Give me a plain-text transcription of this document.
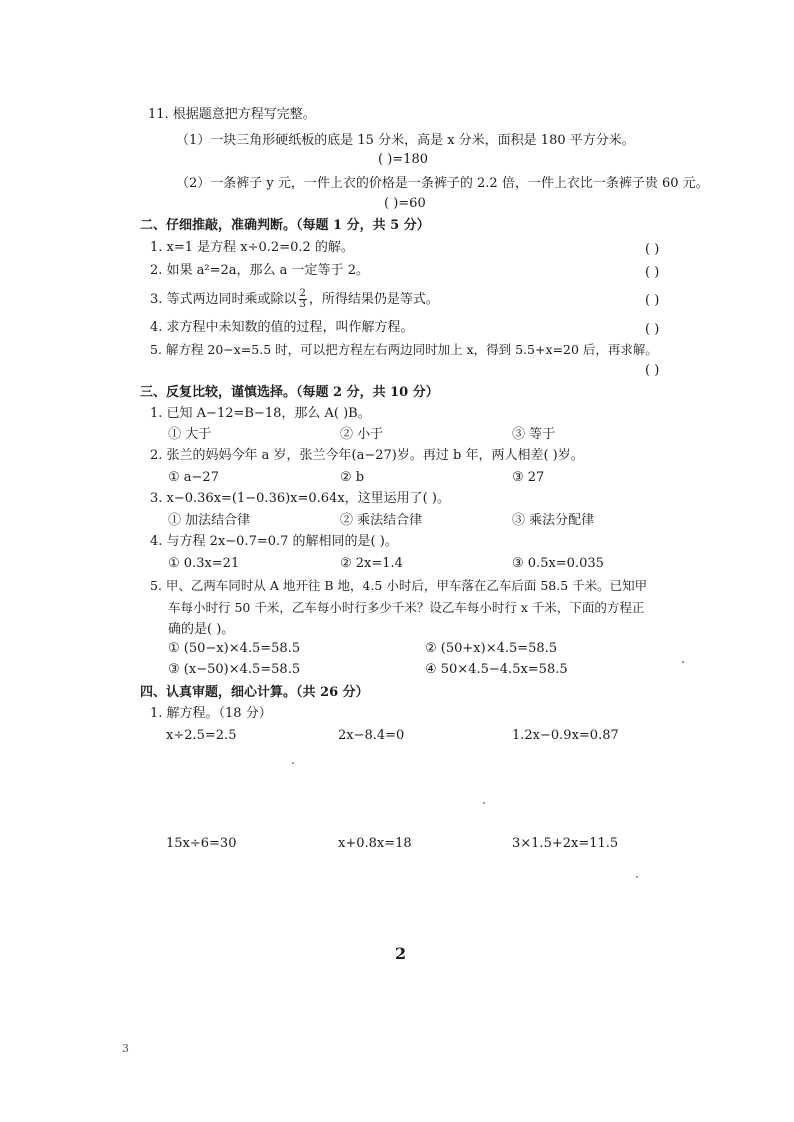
11. 根据题意把方程写完整。
（1）一块三角形硬纸板的底是 15 分米，高是 x 分米，面积是 180 平方分米。
( )=180
（2）一条裤子 y 元，一件上衣的价格是一条裤子的 2.2 倍，一件上衣比一条裤子贵 60 元。
( )=60
二、仔细推敲，准确判断。（每题 1 分，共 5 分）
1. x=1 是方程 x÷0.2=0.2 的解。	( )
2. 如果 a²=2a，那么 a 一定等于 2。	( )
3. 等式两边同时乘或除以 $\frac{2}{3}$ ，所得结果仍是等式。	( )
4. 求方程中未知数的值的过程，叫作解方程。	( )
5. 解方程 20−x=5.5 时，可以把方程左右两边同时加上 x，得到 5.5+x=20 后，再求解。
( )
三、反复比较，谨慎选择。（每题 2 分，共 10 分）
1. 已知 A−12=B−18，那么 A( )B。
① 大于	② 小于	③ 等于
2. 张兰的妈妈今年 a 岁，张兰今年(a−27)岁。再过 b 年，两人相差( )岁。
① a−27	② b	③ 27
3. x−0.36x=(1−0.36)x=0.64x，这里运用了( )。
① 加法结合律	② 乘法结合律	③ 乘法分配律
4. 与方程 2x−0.7=0.7 的解相同的是( )。
① 0.3x=21	② 2x=1.4	③ 0.5x=0.035
5. 甲、乙两车同时从 A 地开往 B 地，4.5 小时后，甲车落在乙车后面 58.5 千米。已知甲
车每小时行 50 千米，乙车每小时行多少千米？设乙车每小时行 x 千米，下面的方程正
确的是( )。
① (50−x)×4.5=58.5	② (50+x)×4.5=58.5
③ (x−50)×4.5=58.5	④ 50×4.5−4.5x=58.5
四、认真审题，细心计算。（共 26 分）
1. 解方程。（18 分）
x÷2.5=2.5	2x−8.4=0	1.2x−0.9x=0.87
15x÷6=30	x+0.8x=18	3×1.5+2x=11.5
2
3
